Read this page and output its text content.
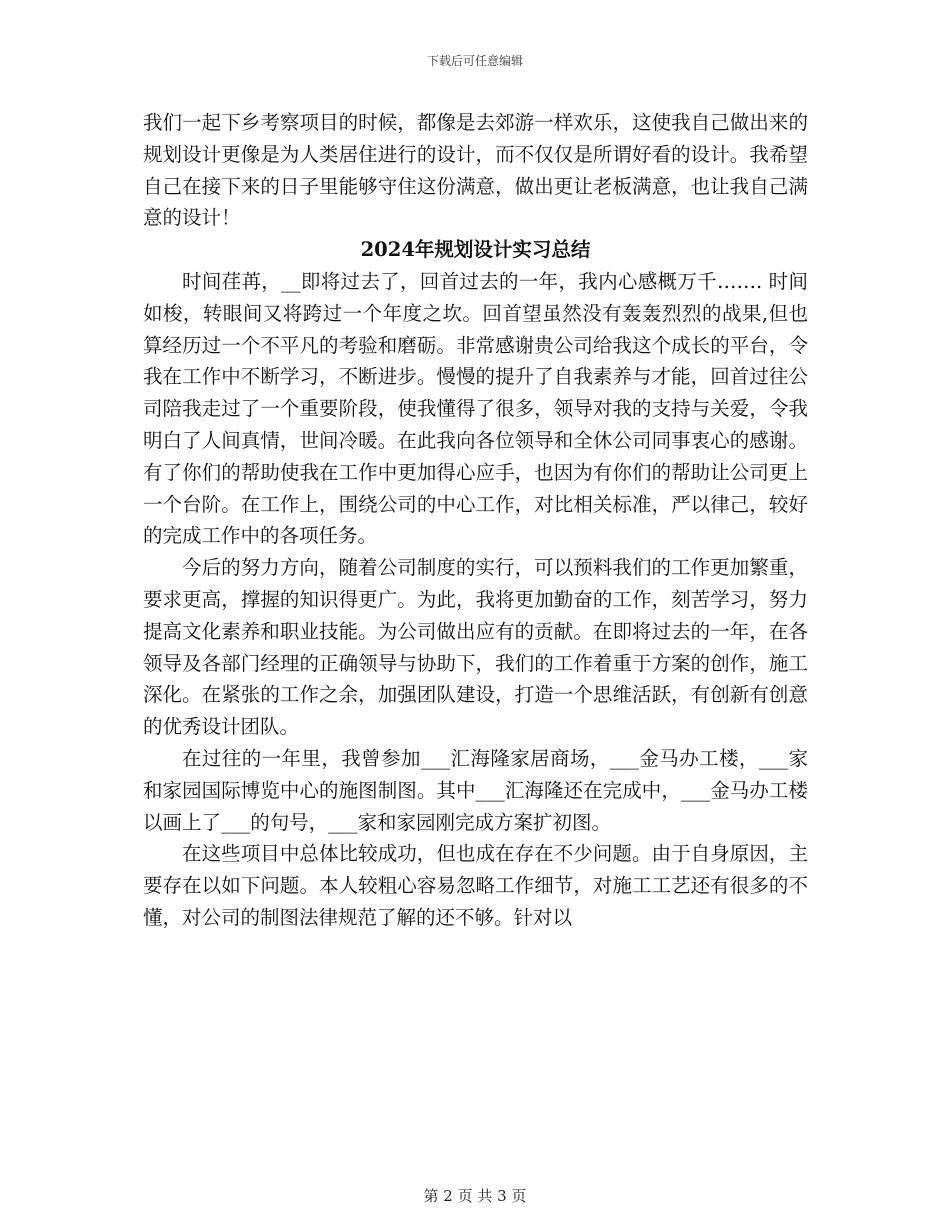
下载后可任意编辑

我们一起下乡考察项目的时候，都像是去郊游一样欢乐，这使我自己做出来的规划设计更像是为人类居住进行的设计，而不仅仅是所谓好看的设计。我希望自己在接下来的日子里能够守住这份满意，做出更让老板满意，也让我自己满意的设计！

2024年规划设计实习总结

时间荏苒，__即将过去了，回首过去的一年，我内心感概万千……. 时间如梭，转眼间又将跨过一个年度之坎。回首望虽然没有轰轰烈烈的战果,但也算经历过一个不平凡的考验和磨砺。非常感谢贵公司给我这个成长的平台，令我在工作中不断学习，不断进步。慢慢的提升了自我素养与才能，回首过往公司陪我走过了一个重要阶段，使我懂得了很多，领导对我的支持与关爱，令我明白了人间真情，世间冷暖。在此我向各位领导和全休公司同事衷心的感谢。有了你们的帮助使我在工作中更加得心应手，也因为有你们的帮助让公司更上一个台阶。在工作上，围绕公司的中心工作，对比相关标准，严以律己，较好的完成工作中的各项任务。

今后的努力方向，随着公司制度的实行，可以预料我们的工作更加繁重，要求更高，撑握的知识得更广。为此，我将更加勤奋的工作，刻苦学习，努力提高文化素养和职业技能。为公司做出应有的贡献。在即将过去的一年，在各领导及各部门经理的正确领导与协助下，我们的工作着重于方案的创作，施工深化。在紧张的工作之余，加强团队建设，打造一个思维活跃，有创新有创意的优秀设计团队。

在过往的一年里，我曾参加___汇海隆家居商场，___金马办工楼，___家和家园国际博览中心的施图制图。其中___汇海隆还在完成中，___金马办工楼以画上了___的句号，___家和家园刚完成方案扩初图。

在这些项目中总体比较成功，但也成在存在不少问题。由于自身原因，主要存在以如下问题。本人较粗心容易忽略工作细节，对施工工艺还有很多的不懂，对公司的制图法律规范了解的还不够。针对以

第 2 页 共 3 页
